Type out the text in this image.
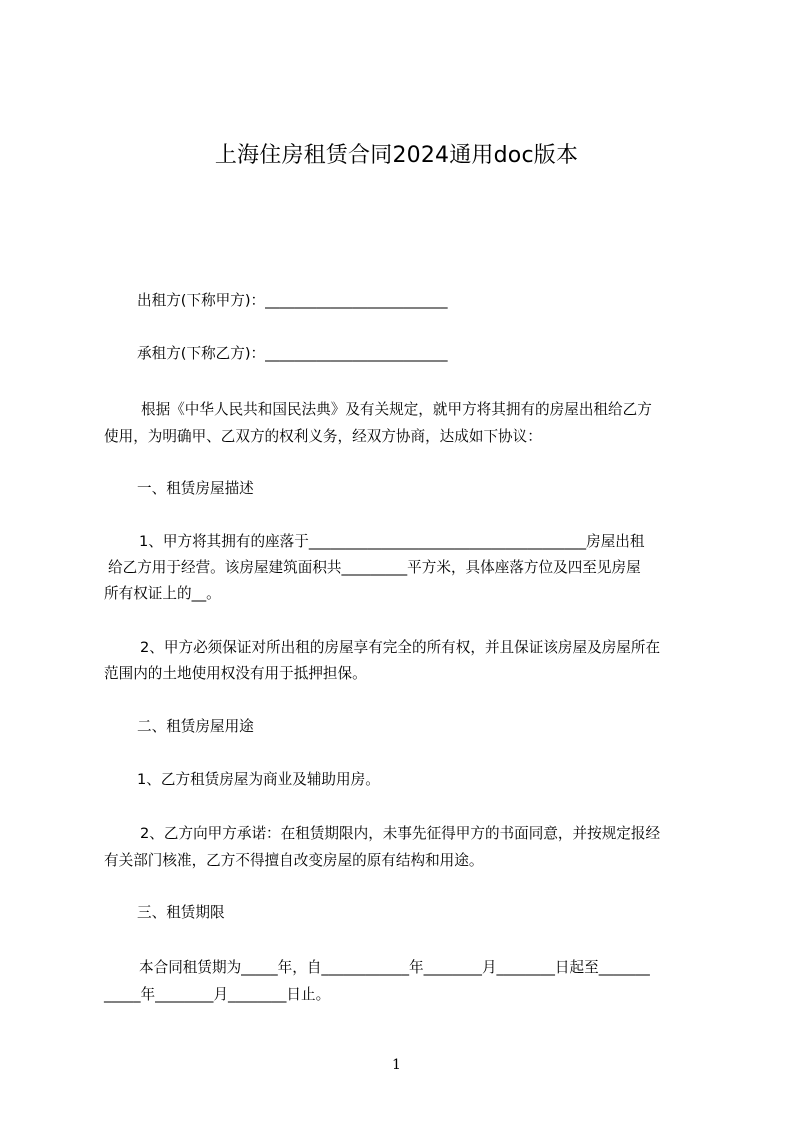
上海住房租赁合同2024通用doc版本
出租方(下称甲方)：_________________________
承租方(下称乙方)：_________________________
根据《中华人民共和国民法典》及有关规定，就甲方将其拥有的房屋出租给乙方
使用，为明确甲、乙双方的权利义务，经双方协商，达成如下协议：
一、租赁房屋描述
1、甲方将其拥有的座落于______________________________________房屋出租
给乙方用于经营。该房屋建筑面积共_________平方米，具体座落方位及四至见房屋
所有权证上的__。
2、甲方必须保证对所出租的房屋享有完全的所有权，并且保证该房屋及房屋所在
范围内的土地使用权没有用于抵押担保。
二、租赁房屋用途
1、乙方租赁房屋为商业及辅助用房。
2、乙方向甲方承诺：在租赁期限内，未事先征得甲方的书面同意，并按规定报经
有关部门核准，乙方不得擅自改变房屋的原有结构和用途。
三、租赁期限
本合同租赁期为_____年，自____________年________月________日起至_______
_____年________月________日止。
1
